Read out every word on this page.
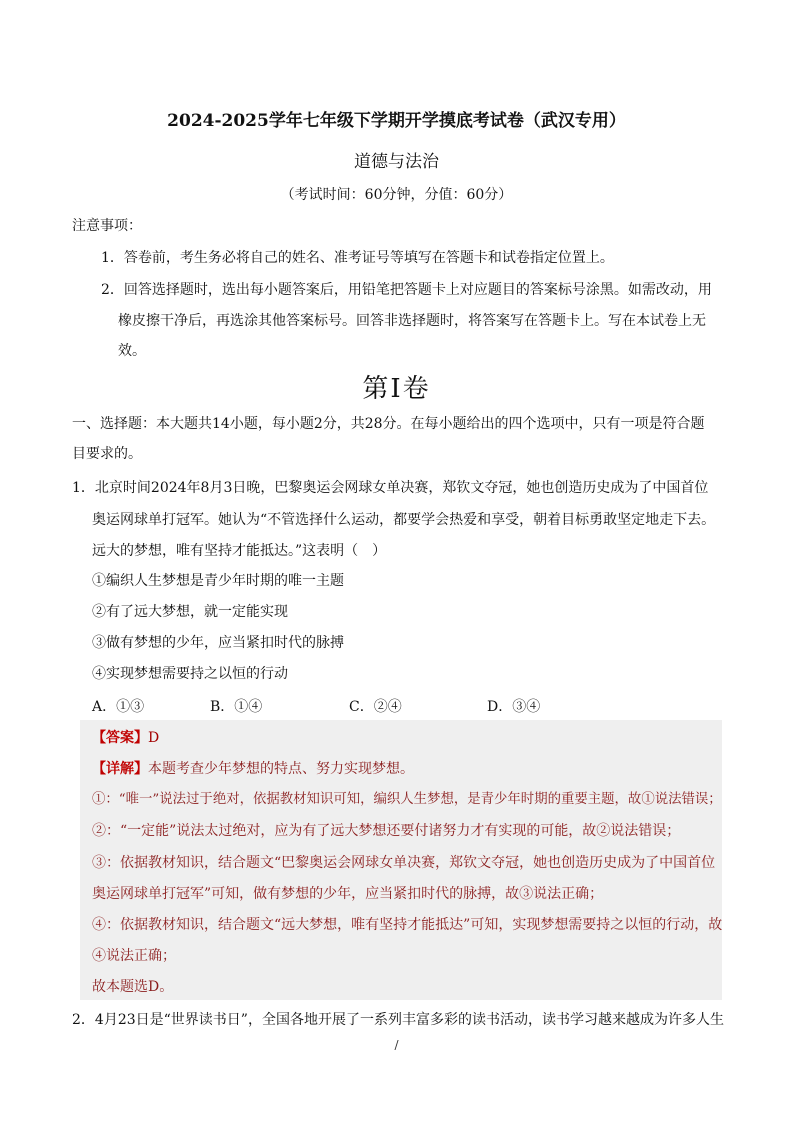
2024-2025学年七年级下学期开学摸底考试卷（武汉专用）
道德与法治
（考试时间：60分钟，分值：60分）
注意事项：
1．答卷前，考生务必将自己的姓名、准考证号等填写在答题卡和试卷指定位置上。
2．回答选择题时，选出每小题答案后，用铅笔把答题卡上对应题目的答案标号涂黑。如需改动，用
橡皮擦干净后，再选涂其他答案标号。回答非选择题时，将答案写在答题卡上。写在本试卷上无
效。
第Ⅰ卷
一、选择题：本大题共14小题，每小题2分，共28分。在每小题给出的四个选项中，只有一项是符合题
目要求的。
1．北京时间2024年8月3日晚，巴黎奥运会网球女单决赛，郑钦文夺冠，她也创造历史成为了中国首位
奥运网球单打冠军。她认为“不管选择什么运动，都要学会热爱和享受，朝着目标勇敢坚定地走下去。
远大的梦想，唯有坚持才能抵达。”这表明（　）
①编织人生梦想是青少年时期的唯一主题
②有了远大梦想，就一定能实现
③做有梦想的少年，应当紧扣时代的脉搏
④实现梦想需要持之以恒的行动
A．①③	B．①④	C．②④	D．③④
【答案】D
【详解】本题考查少年梦想的特点、努力实现梦想。
①：“唯一”说法过于绝对，依据教材知识可知，编织人生梦想，是青少年时期的重要主题，故①说法错误；
②：“一定能”说法太过绝对，应为有了远大梦想还要付诸努力才有实现的可能，故②说法错误；
③：依据教材知识，结合题文“巴黎奥运会网球女单决赛，郑钦文夺冠，她也创造历史成为了中国首位
奥运网球单打冠军”可知，做有梦想的少年，应当紧扣时代的脉搏，故③说法正确；
④：依据教材知识，结合题文“远大梦想，唯有坚持才能抵达”可知，实现梦想需要持之以恒的行动，故
④说法正确；
故本题选D。
2．4月23日是“世界读书日”，全国各地开展了一系列丰富多彩的读书活动，读书学习越来越成为许多人生
/
